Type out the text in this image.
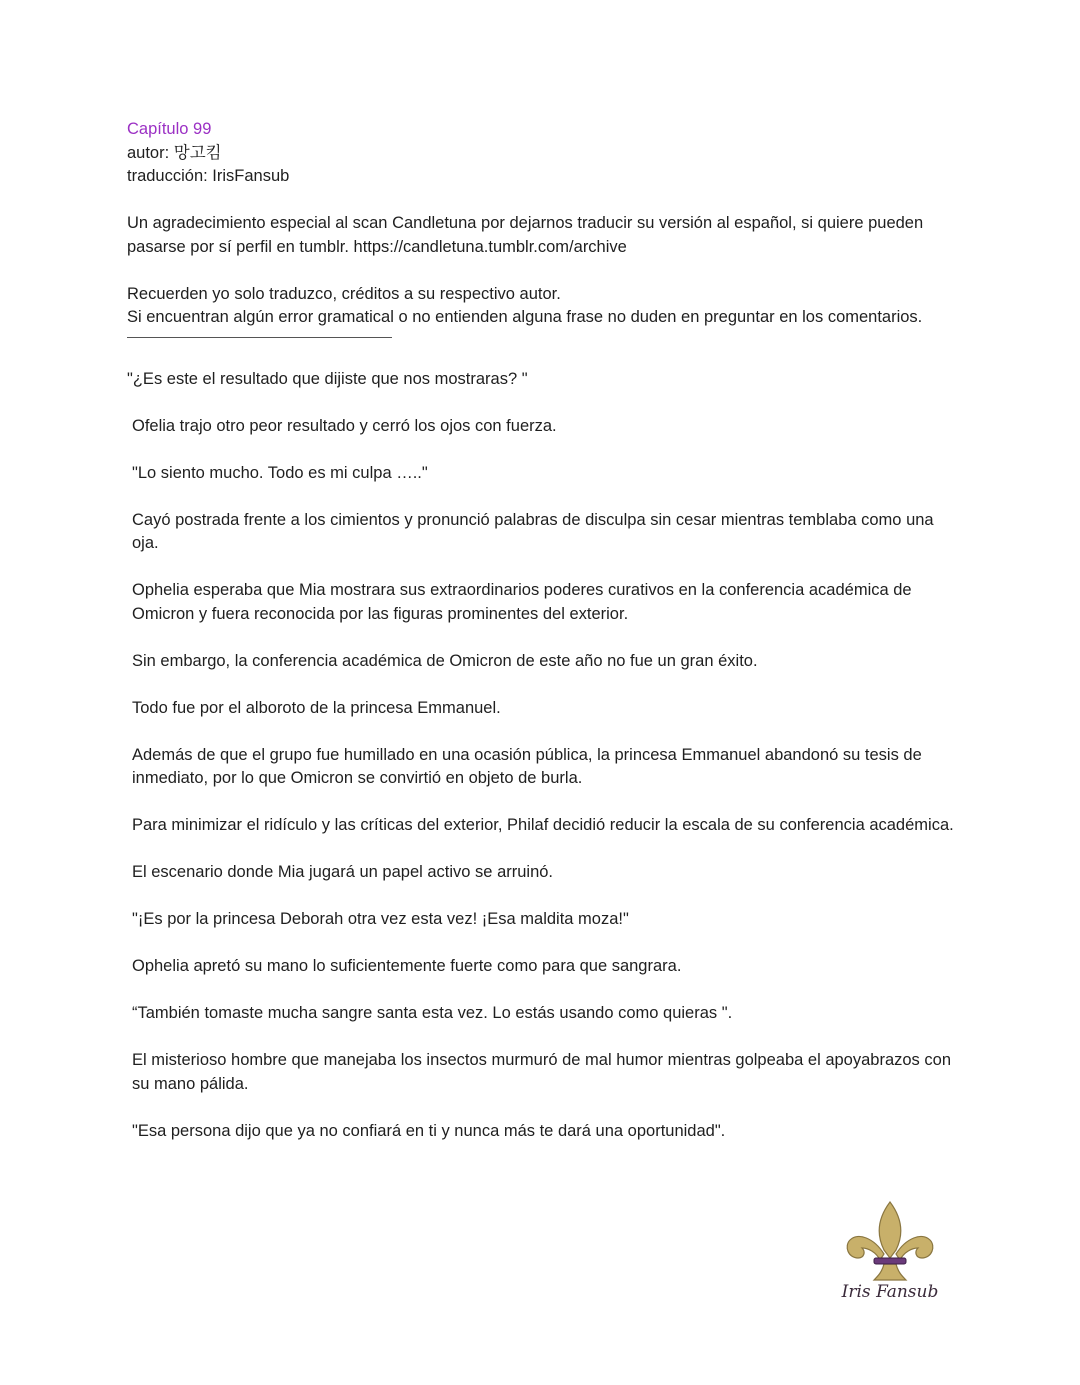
Capítulo 99
autor: 망고킴
traducción: IrisFansub

Un agradecimiento especial al scan Candletuna por dejarnos traducir su versión al español, si quiere pueden pasarse por sí perfil en tumblr. https://candletuna.tumblr.com/archive

Recuerden yo solo traduzco, créditos a su respectivo autor.
Si encuentran algún error gramatical o no entienden alguna frase no duden en preguntar en los comentarios.

"¿Es este el resultado que dijiste que nos mostraras? "

Ofelia trajo otro peor resultado y cerró los ojos con fuerza.

"Lo siento mucho. Todo es mi culpa ….."

Cayó postrada frente a los cimientos y pronunció palabras de disculpa sin cesar mientras temblaba como una oja.

Ophelia esperaba que Mia mostrara sus extraordinarios poderes curativos en la conferencia académica de Omicron y fuera reconocida por las figuras prominentes del exterior.

Sin embargo, la conferencia académica de Omicron de este año no fue un gran éxito.

Todo fue por el alboroto de la princesa Emmanuel.

Además de que el grupo fue humillado en una ocasión pública, la princesa Emmanuel abandonó su tesis de inmediato, por lo que Omicron se convirtió en objeto de burla.

Para minimizar el ridículo y las críticas del exterior, Philaf decidió reducir la escala de su conferencia académica.

El escenario donde Mia jugará un papel activo se arruinó.

"¡Es por la princesa Deborah otra vez esta vez! ¡Esa maldita moza!"

Ophelia apretó su mano lo suficientemente fuerte como para que sangrara.

“También tomaste mucha sangre santa esta vez. Lo estás usando como quieras ".

El misterioso hombre que manejaba los insectos murmuró de mal humor mientras golpeaba el apoyabrazos con su mano pálida.

"Esa persona dijo que ya no confiará en ti y nunca más te dará una oportunidad".

Iris Fansub
